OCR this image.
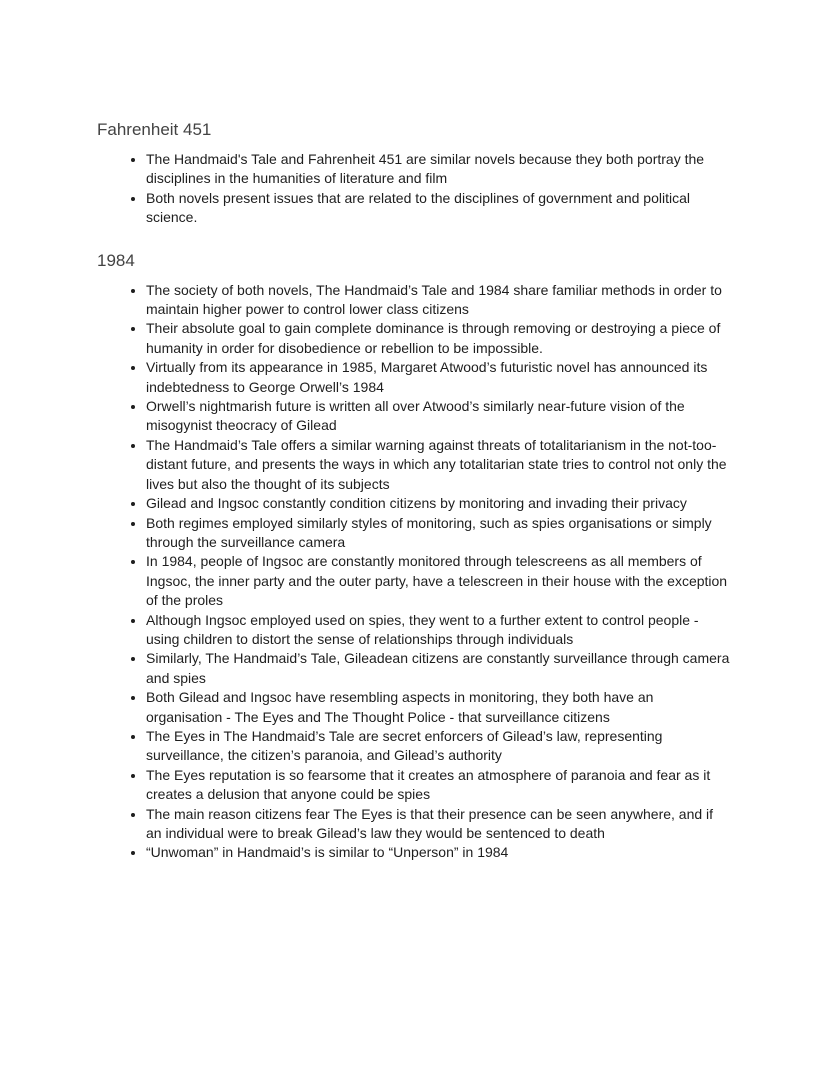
Fahrenheit 451
• The Handmaid's Tale and Fahrenheit 451 are similar novels because they both portray the disciplines in the humanities of literature and film
• Both novels present issues that are related to the disciplines of government and political science.
1984
• The society of both novels, The Handmaid’s Tale and 1984 share familiar methods in order to maintain higher power to control lower class citizens
• Their absolute goal to gain complete dominance is through removing or destroying a piece of humanity in order for disobedience or rebellion to be impossible.
• Virtually from its appearance in 1985, Margaret Atwood’s futuristic novel has announced its indebtedness to George Orwell’s 1984
• Orwell’s nightmarish future is written all over Atwood’s similarly near-future vision of the misogynist theocracy of Gilead
• The Handmaid’s Tale offers a similar warning against threats of totalitarianism in the not-too-distant future, and presents the ways in which any totalitarian state tries to control not only the lives but also the thought of its subjects
• Gilead and Ingsoc constantly condition citizens by monitoring and invading their privacy
• Both regimes employed similarly styles of monitoring, such as spies organisations or simply through the surveillance camera
• In 1984, people of Ingsoc are constantly monitored through telescreens as all members of Ingsoc, the inner party and the outer party, have a telescreen in their house with the exception of the proles
• Although Ingsoc employed used on spies, they went to a further extent to control people - using children to distort the sense of relationships through individuals
• Similarly, The Handmaid’s Tale, Gileadean citizens are constantly surveillance through camera and spies
• Both Gilead and Ingsoc have resembling aspects in monitoring, they both have an organisation - The Eyes and The Thought Police - that surveillance citizens
• The Eyes in The Handmaid’s Tale are secret enforcers of Gilead’s law, representing surveillance, the citizen’s paranoia, and Gilead’s authority
• The Eyes reputation is so fearsome that it creates an atmosphere of paranoia and fear as it creates a delusion that anyone could be spies
• The main reason citizens fear The Eyes is that their presence can be seen anywhere, and if an individual were to break Gilead’s law they would be sentenced to death
• “Unwoman” in Handmaid’s is similar to “Unperson” in 1984
